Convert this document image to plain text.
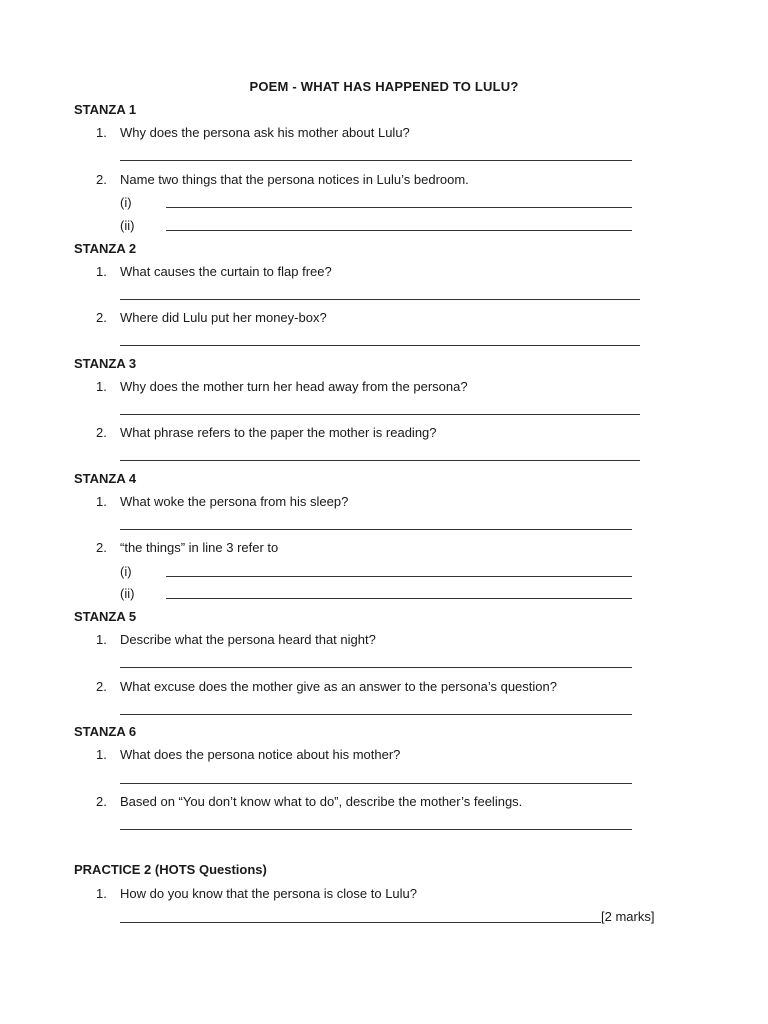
POEM - WHAT HAS HAPPENED TO LULU?
STANZA 1
1. Why does the persona ask his mother about Lulu?
2. Name two things that the persona notices in Lulu’s bedroom.
(i)
(ii)
STANZA 2
1. What causes the curtain to flap free?
2. Where did Lulu put her money-box?
STANZA 3
1. Why does the mother turn her head away from the persona?
2. What phrase refers to the paper the mother is reading?
STANZA 4
1. What woke the persona from his sleep?
2. “the things” in line 3 refer to
(i)
(ii)
STANZA 5
1. Describe what the persona heard that night?
2. What excuse does the mother give as an answer to the persona’s question?
STANZA 6
1. What does the persona notice about his mother?
2. Based on “You don’t know what to do”, describe the mother’s feelings.
PRACTICE 2 (HOTS Questions)
1. How do you know that the persona is close to Lulu?
[2 marks]
